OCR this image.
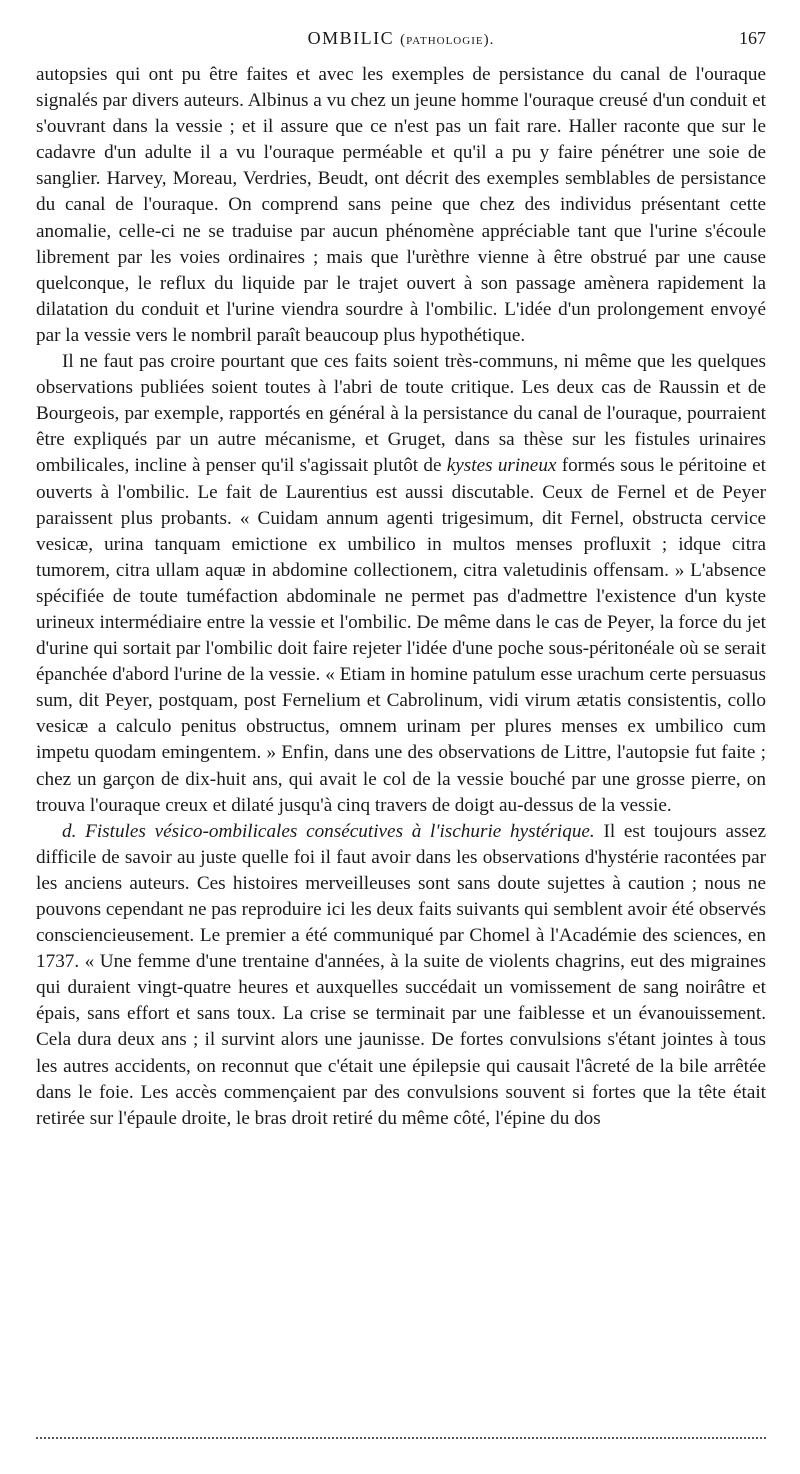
OMBILIC (pathologie).	167

autopsies qui ont pu être faites et avec les exemples de persistance du canal de l'ouraque signalés par divers auteurs. Albinus a vu chez un jeune homme l'ouraque creusé d'un conduit et s'ouvrant dans la vessie ; et il assure que ce n'est pas un fait rare. Haller raconte que sur le cadavre d'un adulte il a vu l'ouraque perméable et qu'il a pu y faire pénétrer une soie de sanglier. Harvey, Moreau, Verdries, Beudt, ont décrit des exemples semblables de persistance du canal de l'ouraque. On comprend sans peine que chez des individus présentant cette anomalie, celle-ci ne se traduise par aucun phénomène appréciable tant que l'urine s'écoule librement par les voies ordinaires ; mais que l'urèthre vienne à être obstrué par une cause quelconque, le reflux du liquide par le trajet ouvert à son passage amènera rapidement la dilatation du conduit et l'urine viendra sourdre à l'ombilic. L'idée d'un prolongement envoyé par la vessie vers le nombril paraît beaucoup plus hypothétique.

Il ne faut pas croire pourtant que ces faits soient très-communs, ni même que les quelques observations publiées soient toutes à l'abri de toute critique. Les deux cas de Raussin et de Bourgeois, par exemple, rapportés en général à la persistance du canal de l'ouraque, pourraient être expliqués par un autre mécanisme, et Gruget, dans sa thèse sur les fistules urinaires ombilicales, incline à penser qu'il s'agissait plutôt de kystes urineux formés sous le péritoine et ouverts à l'ombilic. Le fait de Laurentius est aussi discutable. Ceux de Fernel et de Peyer paraissent plus probants. « Cuidam annum agenti trigesimum, dit Fernel, obstructa cervice vesicæ, urina tanquam emictione ex umbilico in multos menses profluxit ; idque citra tumorem, citra ullam aquæ in abdomine collectionem, citra valetudinis offensam. » L'absence spécifiée de toute tuméfaction abdominale ne permet pas d'admettre l'existence d'un kyste urineux intermédiaire entre la vessie et l'ombilic. De même dans le cas de Peyer, la force du jet d'urine qui sortait par l'ombilic doit faire rejeter l'idée d'une poche sous-péritonéale où se serait épanchée d'abord l'urine de la vessie. « Etiam in homine patulum esse urachum certe persuasus sum, dit Peyer, postquam, post Fernelium et Cabrolinum, vidi virum ætatis consistentis, collo vesicæ a calculo penitus obstructus, omnem urinam per plures menses ex umbilico cum impetu quodam emingentem. » Enfin, dans une des observations de Littre, l'autopsie fut faite ; chez un garçon de dix-huit ans, qui avait le col de la vessie bouché par une grosse pierre, on trouva l'ouraque creux et dilaté jusqu'à cinq travers de doigt au-dessus de la vessie.

d. Fistules vésico-ombilicales consécutives à l'ischurie hystérique. Il est toujours assez difficile de savoir au juste quelle foi il faut avoir dans les observations d'hystérie racontées par les anciens auteurs. Ces histoires merveilleuses sont sans doute sujettes à caution ; nous ne pouvons cependant ne pas reproduire ici les deux faits suivants qui semblent avoir été observés consciencieusement. Le premier a été communiqué par Chomel à l'Académie des sciences, en 1737. « Une femme d'une trentaine d'années, à la suite de violents chagrins, eut des migraines qui duraient vingt-quatre heures et auxquelles succédait un vomissement de sang noirâtre et épais, sans effort et sans toux. La crise se terminait par une faiblesse et un évanouissement. Cela dura deux ans ; il survint alors une jaunisse. De fortes convulsions s'étant jointes à tous les autres accidents, on reconnut que c'était une épilepsie qui causait l'âcreté de la bile arrêtée dans le foie. Les accès commençaient par des convulsions souvent si fortes que la tête était retirée sur l'épaule droite, le bras droit retiré du même côté, l'épine du dos
